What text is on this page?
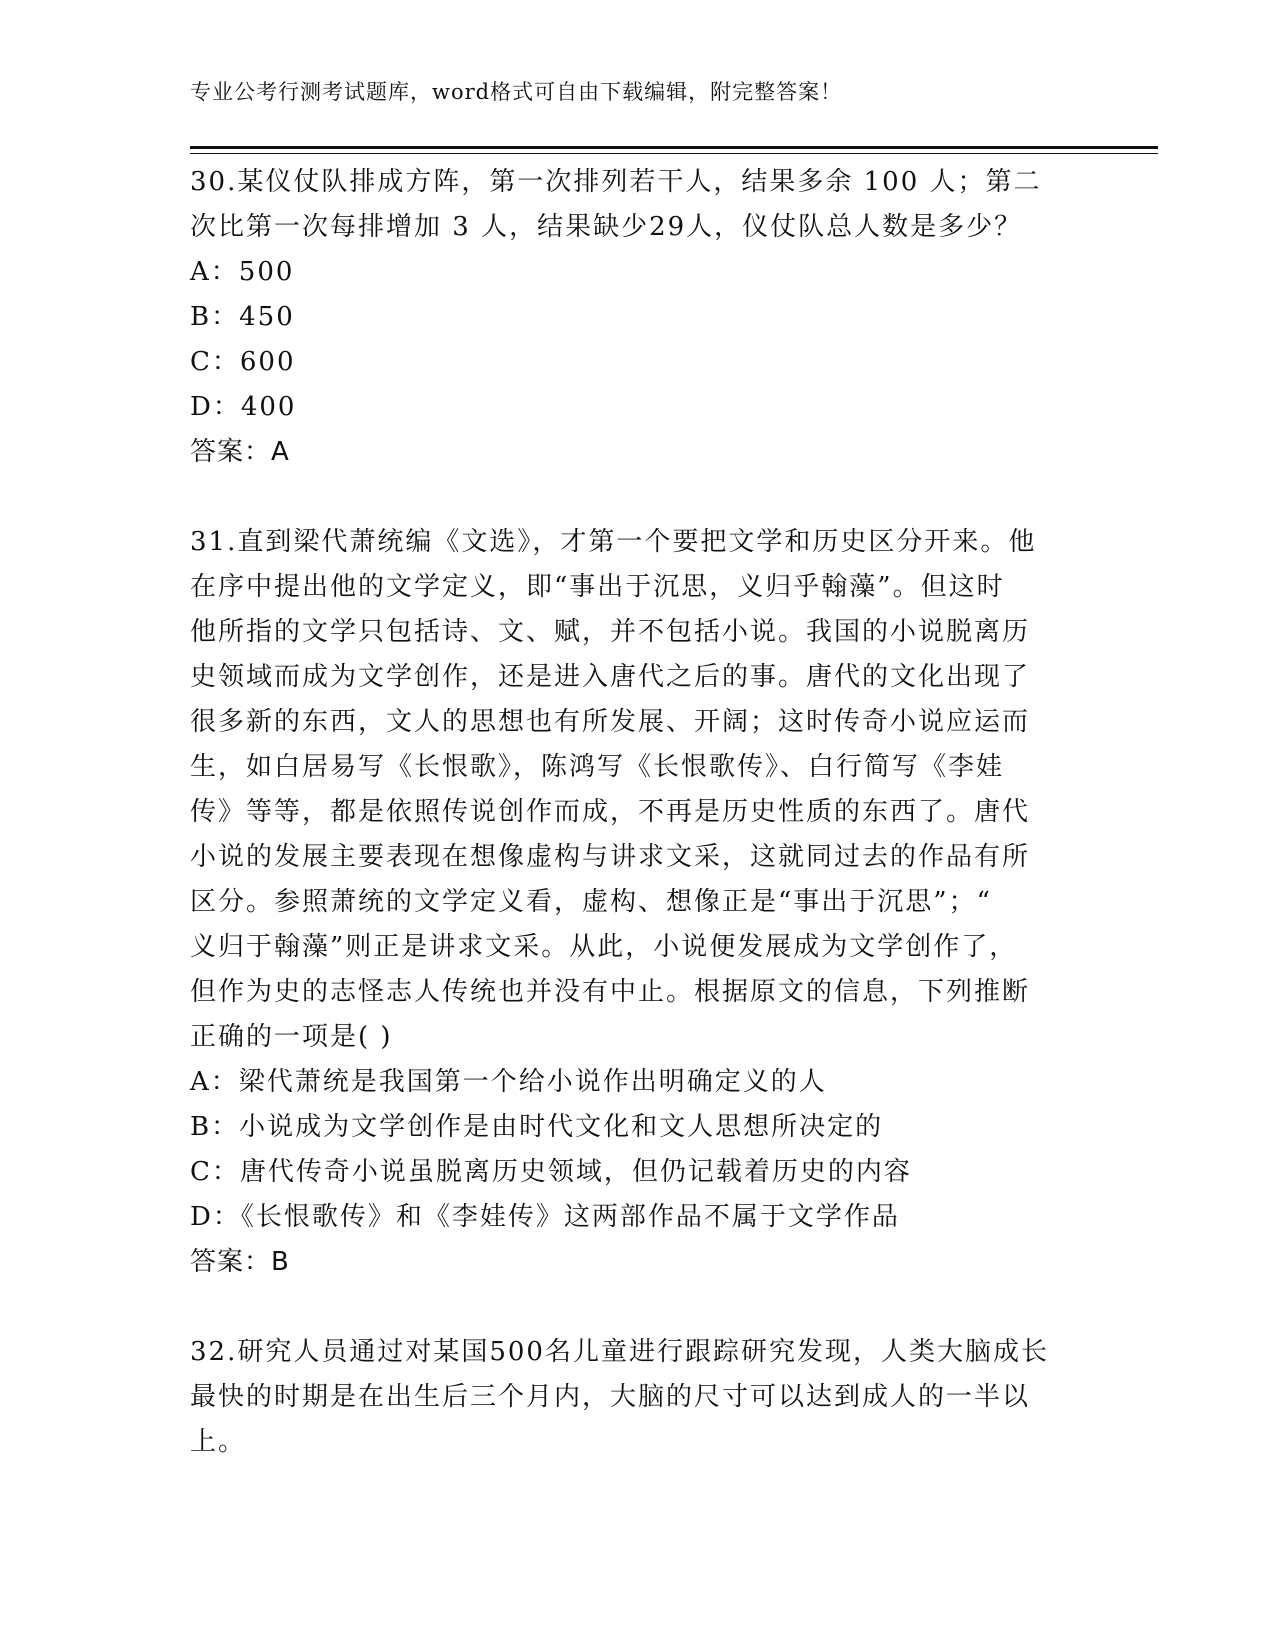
专业公考行测考试题库，word格式可自由下载编辑，附完整答案！
30.某仪仗队排成方阵，第一次排列若干人，结果多余 100 人；第二
次比第一次每排增加 3 人，结果缺少29人，仪仗队总人数是多少？
A：500
B：450
C：600
D：400
答案：A
31.直到梁代萧统编《文选》，才第一个要把文学和历史区分开来。他
在序中提出他的文学定义，即“事出于沉思，义归乎翰藻”。但这时
他所指的文学只包括诗、文、赋，并不包括小说。我国的小说脱离历
史领域而成为文学创作，还是进入唐代之后的事。唐代的文化出现了
很多新的东西，文人的思想也有所发展、开阔；这时传奇小说应运而
生，如白居易写《长恨歌》，陈鸿写《长恨歌传》、白行简写《李娃
传》等等，都是依照传说创作而成，不再是历史性质的东西了。唐代
小说的发展主要表现在想像虚构与讲求文采，这就同过去的作品有所
区分。参照萧统的文学定义看，虚构、想像正是“事出于沉思”；“
义归于翰藻”则正是讲求文采。从此，小说便发展成为文学创作了，
但作为史的志怪志人传统也并没有中止。根据原文的信息，下列推断
正确的一项是( )
A：梁代萧统是我国第一个给小说作出明确定义的人
B：小说成为文学创作是由时代文化和文人思想所决定的
C：唐代传奇小说虽脱离历史领域，但仍记载着历史的内容
D：《长恨歌传》和《李娃传》这两部作品不属于文学作品
答案：B
32.研究人员通过对某国500名儿童进行跟踪研究发现，人类大脑成长
最快的时期是在出生后三个月内，大脑的尺寸可以达到成人的一半以
上。
